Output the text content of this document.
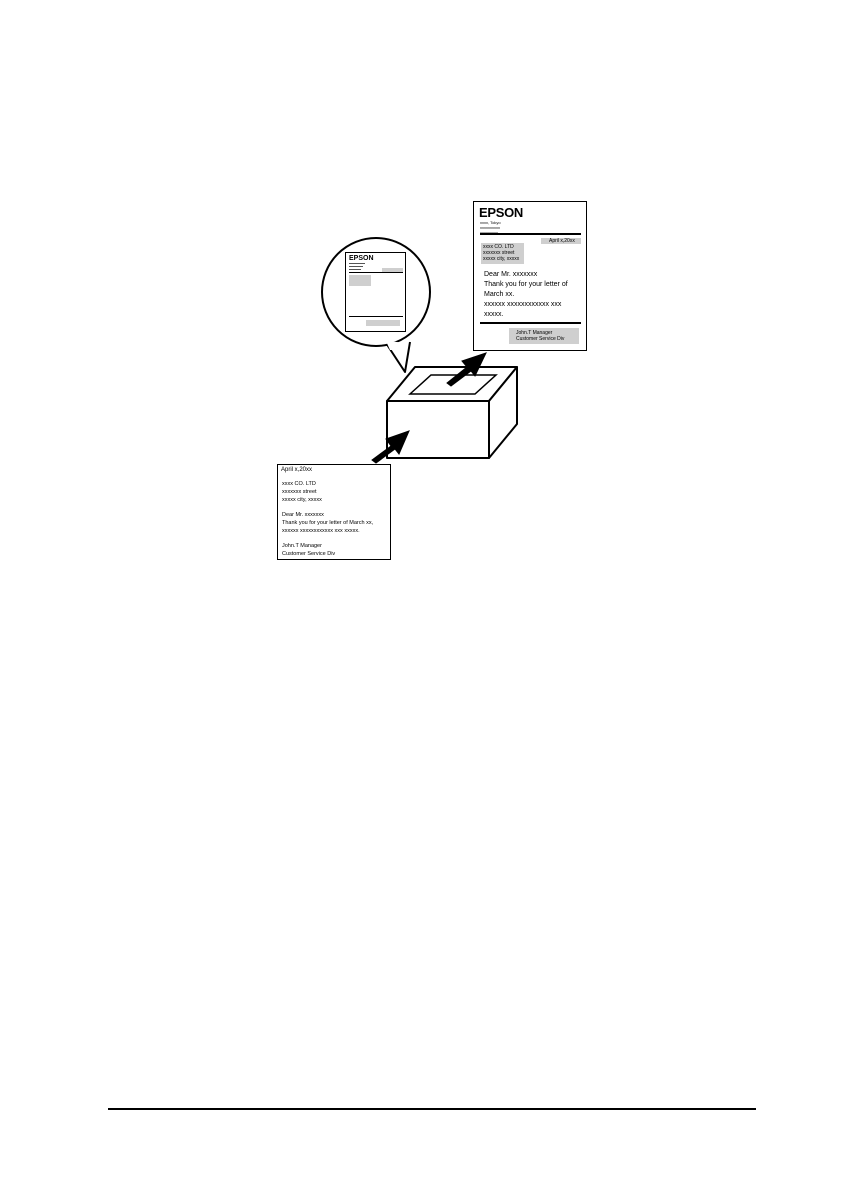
EPSON
EPSON
xxxx, Tokyo
xxxxxxxxxx
April x,20xx
xxxx CO. LTD
xxxxxxx street
xxxxx city, xxxxx
Dear Mr. xxxxxxx
Thank you for your letter of
March xx.
xxxxxx xxxxxxxxxxxx xxx
xxxxx.
John.T Manager
Customer Service Div
April x,20xx
xxxx CO. LTD
xxxxxxx street
xxxxx city, xxxxx
Dear Mr. xxxxxxx
Thank you for your letter of March xx,
xxxxxx xxxxxxxxxxxx xxx xxxxx.
John.T Manager
Customer Service Div
